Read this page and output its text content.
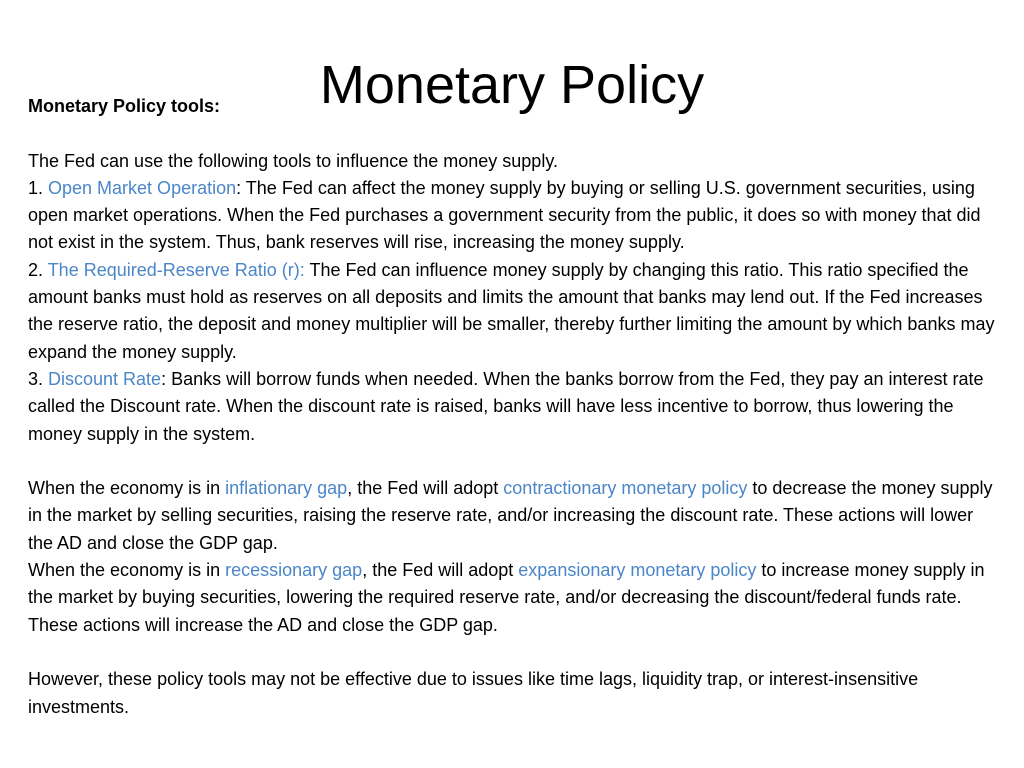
Monetary Policy

Monetary Policy tools:

The Fed can use the following tools to influence the money supply.

1. Open Market Operation: The Fed can affect the money supply by buying or selling U.S. government securities, using open market operations. When the Fed purchases a government security from the public, it does so with money that did not exist in the system. Thus, bank reserves will rise, increasing the money supply.

2. The Required-Reserve Ratio (r): The Fed can influence money supply by changing this ratio. This ratio specified the amount banks must hold as reserves on all deposits and limits the amount that banks may lend out. If the Fed increases the reserve ratio, the deposit and money multiplier will be smaller, thereby further limiting the amount by which banks may expand the money supply.

3. Discount Rate: Banks will borrow funds when needed. When the banks borrow from the Fed, they pay an interest rate called the Discount rate. When the discount rate is raised, banks will have less incentive to borrow, thus lowering the money supply in the system.

When the economy is in inflationary gap, the Fed will adopt contractionary monetary policy to decrease the money supply in the market by selling securities, raising the reserve rate, and/or increasing the discount rate. These actions will lower the AD and close the GDP gap.

When the economy is in recessionary gap, the Fed will adopt expansionary monetary policy to increase money supply in the market by buying securities, lowering the required reserve rate, and/or decreasing the discount/federal funds rate. These actions will increase the AD and close the GDP gap.

However, these policy tools may not be effective due to issues like time lags, liquidity trap, or interest-insensitive investments.
